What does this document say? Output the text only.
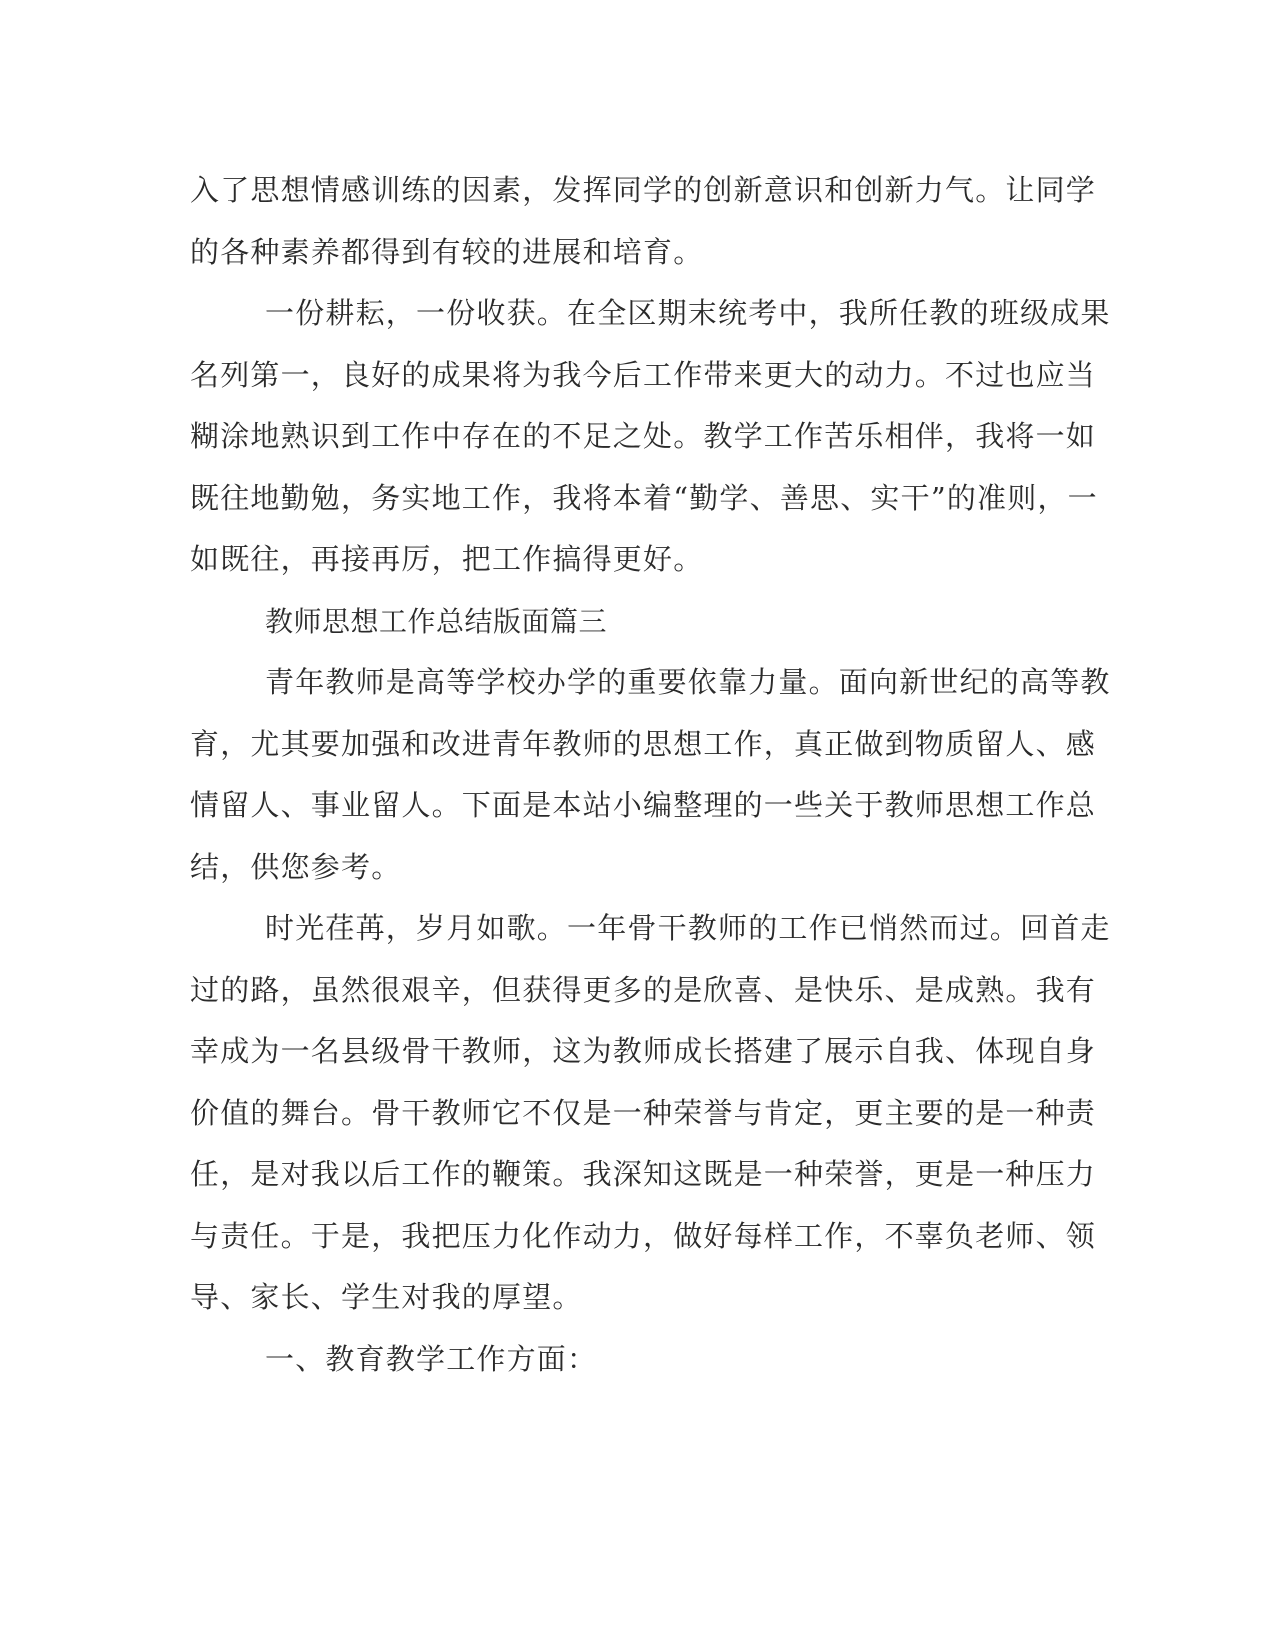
入了思想情感训练的因素，发挥同学的创新意识和创新力气。让同学
的各种素养都得到有较的进展和培育。
一份耕耘，一份收获。在全区期末统考中，我所任教的班级成果
名列第一，良好的成果将为我今后工作带来更大的动力。不过也应当
糊涂地熟识到工作中存在的不足之处。教学工作苦乐相伴，我将一如
既往地勤勉，务实地工作，我将本着“勤学、善思、实干”的准则，一
如既往，再接再厉，把工作搞得更好。
教师思想工作总结版面篇三
青年教师是高等学校办学的重要依靠力量。面向新世纪的高等教
育，尤其要加强和改进青年教师的思想工作，真正做到物质留人、感
情留人、事业留人。下面是本站小编整理的一些关于教师思想工作总
结，供您参考。
时光荏苒，岁月如歌。一年骨干教师的工作已悄然而过。回首走
过的路，虽然很艰辛，但获得更多的是欣喜、是快乐、是成熟。我有
幸成为一名县级骨干教师，这为教师成长搭建了展示自我、体现自身
价值的舞台。骨干教师它不仅是一种荣誉与肯定，更主要的是一种责
任，是对我以后工作的鞭策。我深知这既是一种荣誉，更是一种压力
与责任。于是，我把压力化作动力，做好每样工作，不辜负老师、领
导、家长、学生对我的厚望。
一、教育教学工作方面：
